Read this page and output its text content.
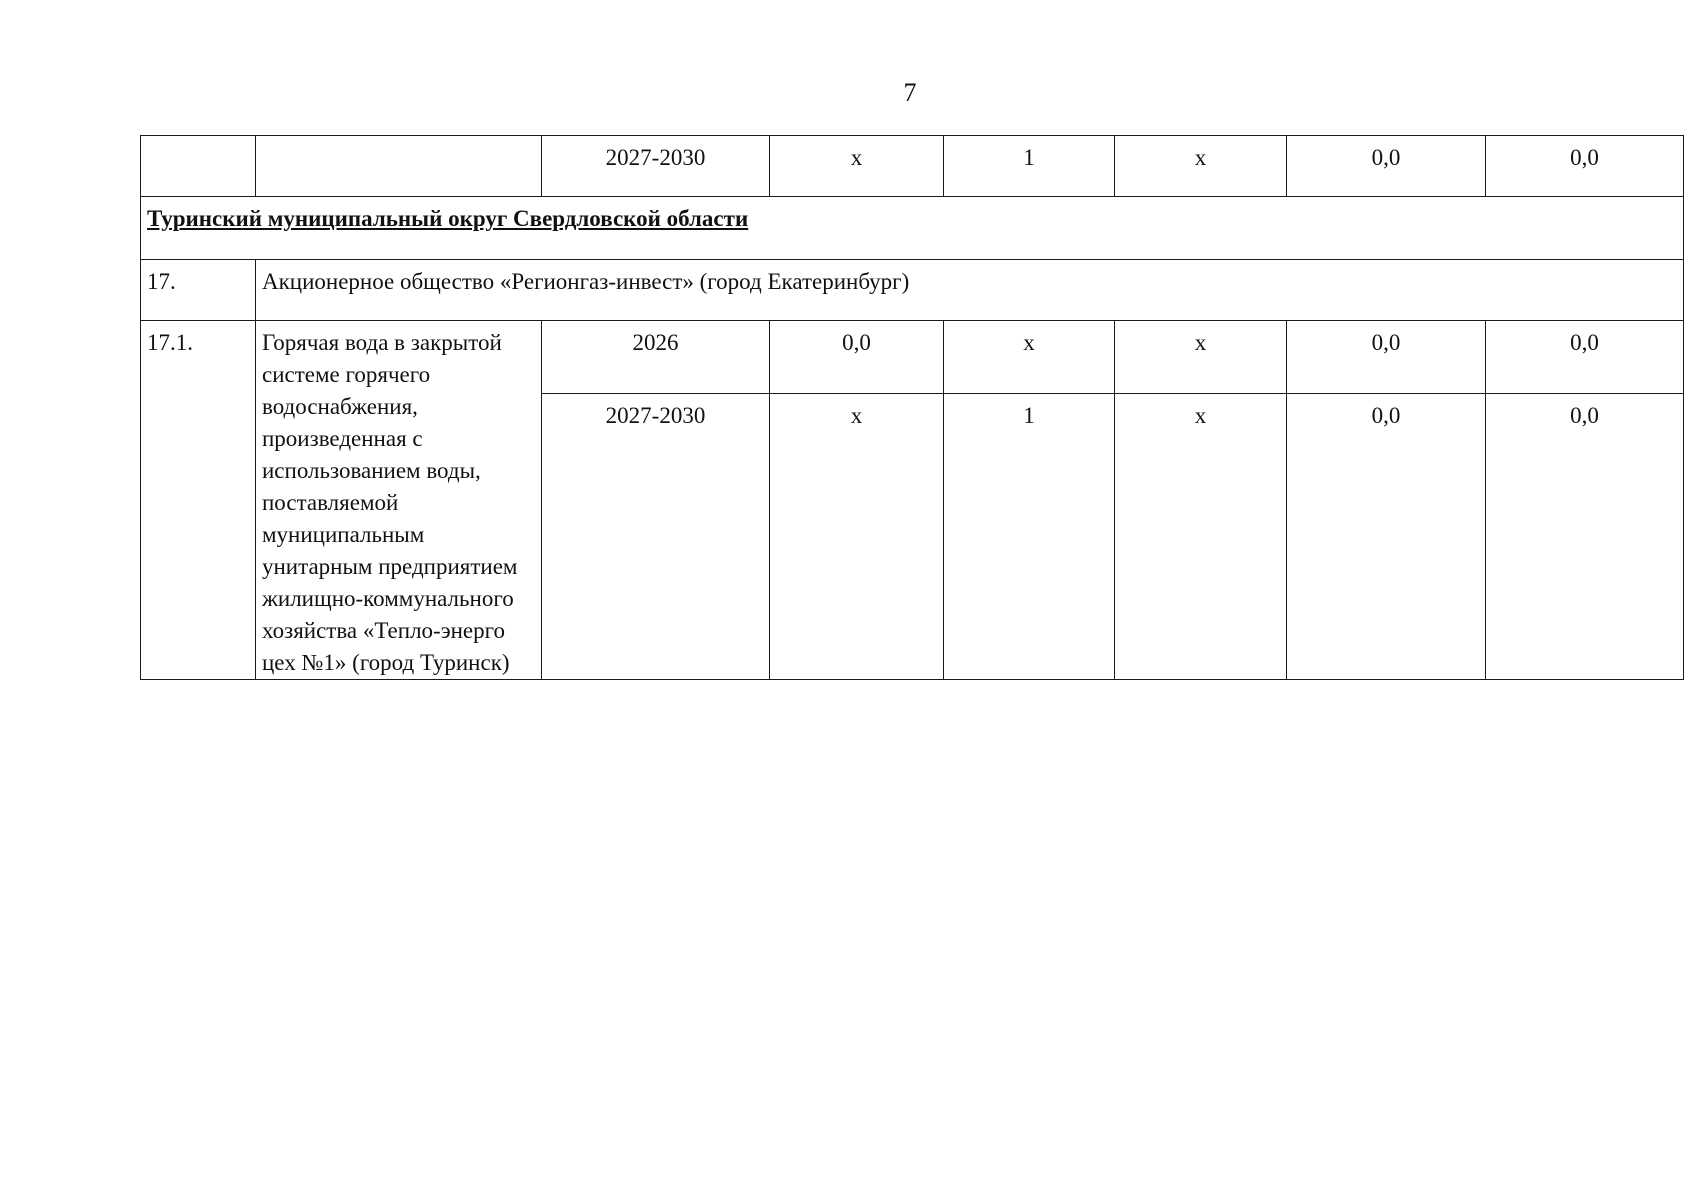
7
		2027-2030	x	1	x	0,0	0,0
Туринский муниципальный округ Свердловской области							
17.	Акционерное общество «Регионгаз-инвест» (город Екатеринбург)						
17.1.	Горячая вода в закрытой системе горячего водоснабжения, произведенная с использованием воды, поставляемой муниципальным унитарным предприятием жилищно-коммунального хозяйства «Тепло-энерго цех №1» (город Туринск)	2026	0,0	x	x	0,0	0,0
		2027-2030	x	1	x	0,0	0,0
